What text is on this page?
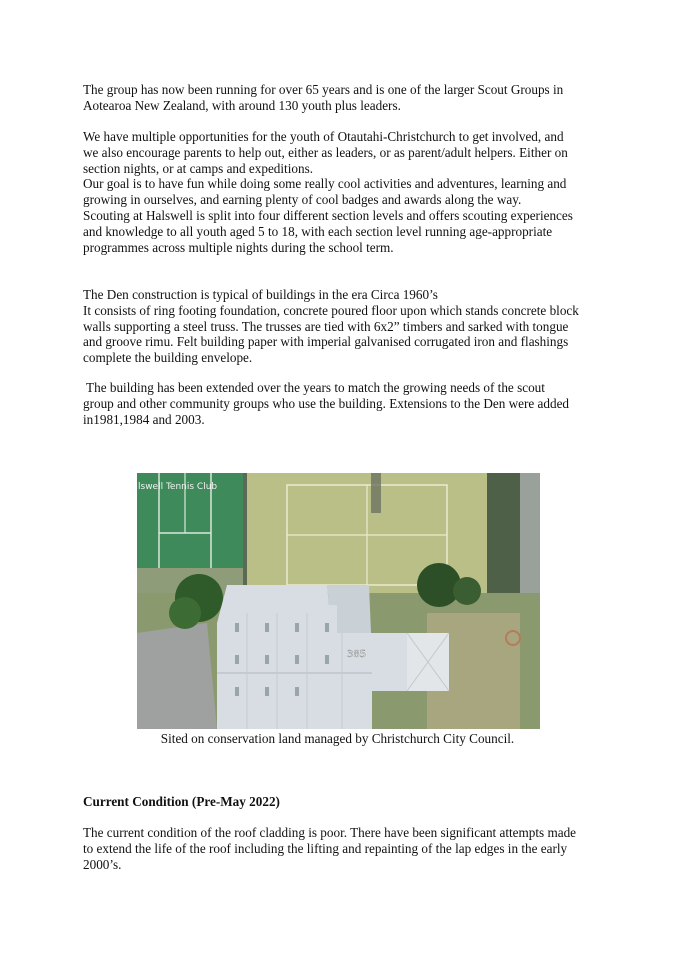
The group has now been running for over 65 years and is one of the larger Scout Groups in
Aotearoa New Zealand, with around 130 youth plus leaders.
We have multiple opportunities for the youth of Otautahi-Christchurch to get involved, and
we also encourage parents to help out, either as leaders, or as parent/adult helpers. Either on
section nights, or at camps and expeditions.
Our goal is to have fun while doing some really cool activities and adventures, learning and
growing in ourselves, and earning plenty of cool badges and awards along the way.
Scouting at Halswell is split into four different section levels and offers scouting experiences
and knowledge to all youth aged 5 to 18, with each section level running age-appropriate
programmes across multiple nights during the school term.
The Den construction is typical of buildings in the era Circa 1960’s
It consists of ring footing foundation, concrete poured floor upon which stands concrete block
walls supporting a steel truss. The trusses are tied with 6x2” timbers and sarked with tongue
and groove rimu. Felt building paper with imperial galvanised corrugated iron and flashings
complete the building envelope.
The building has been extended over the years to match the growing needs of the scout
group and other community groups who use the building. Extensions to the Den were added
in1981,1984 and 2003.
lswell Tennis Club
385
Sited on conservation land managed by Christchurch City Council.
Current Condition (Pre-May 2022)
The current condition of the roof cladding is poor. There have been significant attempts made
to extend the life of the roof including the lifting and repainting of the lap edges in the early
2000’s.
